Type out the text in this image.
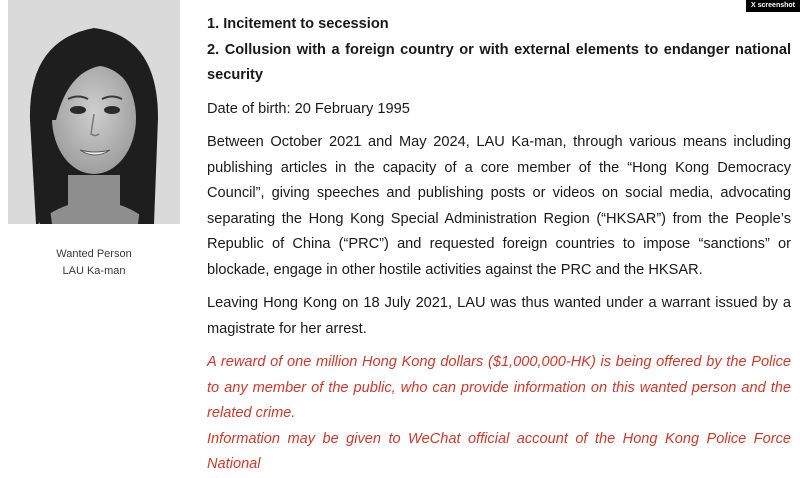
X screenshot
Wanted Person
LAU Ka-man

1. Incitement to secession

2. Collusion with a foreign country or with external elements to endanger national security

Date of birth: 20 February 1995

Between October 2021 and May 2024, LAU Ka-man, through various means including publishing articles in the capacity of a core member of the “Hong Kong Democracy Council”, giving speeches and publishing posts or videos on social media, advocating separating the Hong Kong Special Administration Region (“HKSAR”) from the People’s Republic of China (“PRC”) and requested foreign countries to impose “sanctions” or blockade, engage in other hostile activities against the PRC and the HKSAR.

Leaving Hong Kong on 18 July 2021, LAU was thus wanted under a warrant issued by a magistrate for her arrest.

A reward of one million Hong Kong dollars ($1,000,000-HK) is being offered by the Police to any member of the public, who can provide information on this wanted person and the related crime.

Information may be given to WeChat official account of the Hong Kong Police Force National
